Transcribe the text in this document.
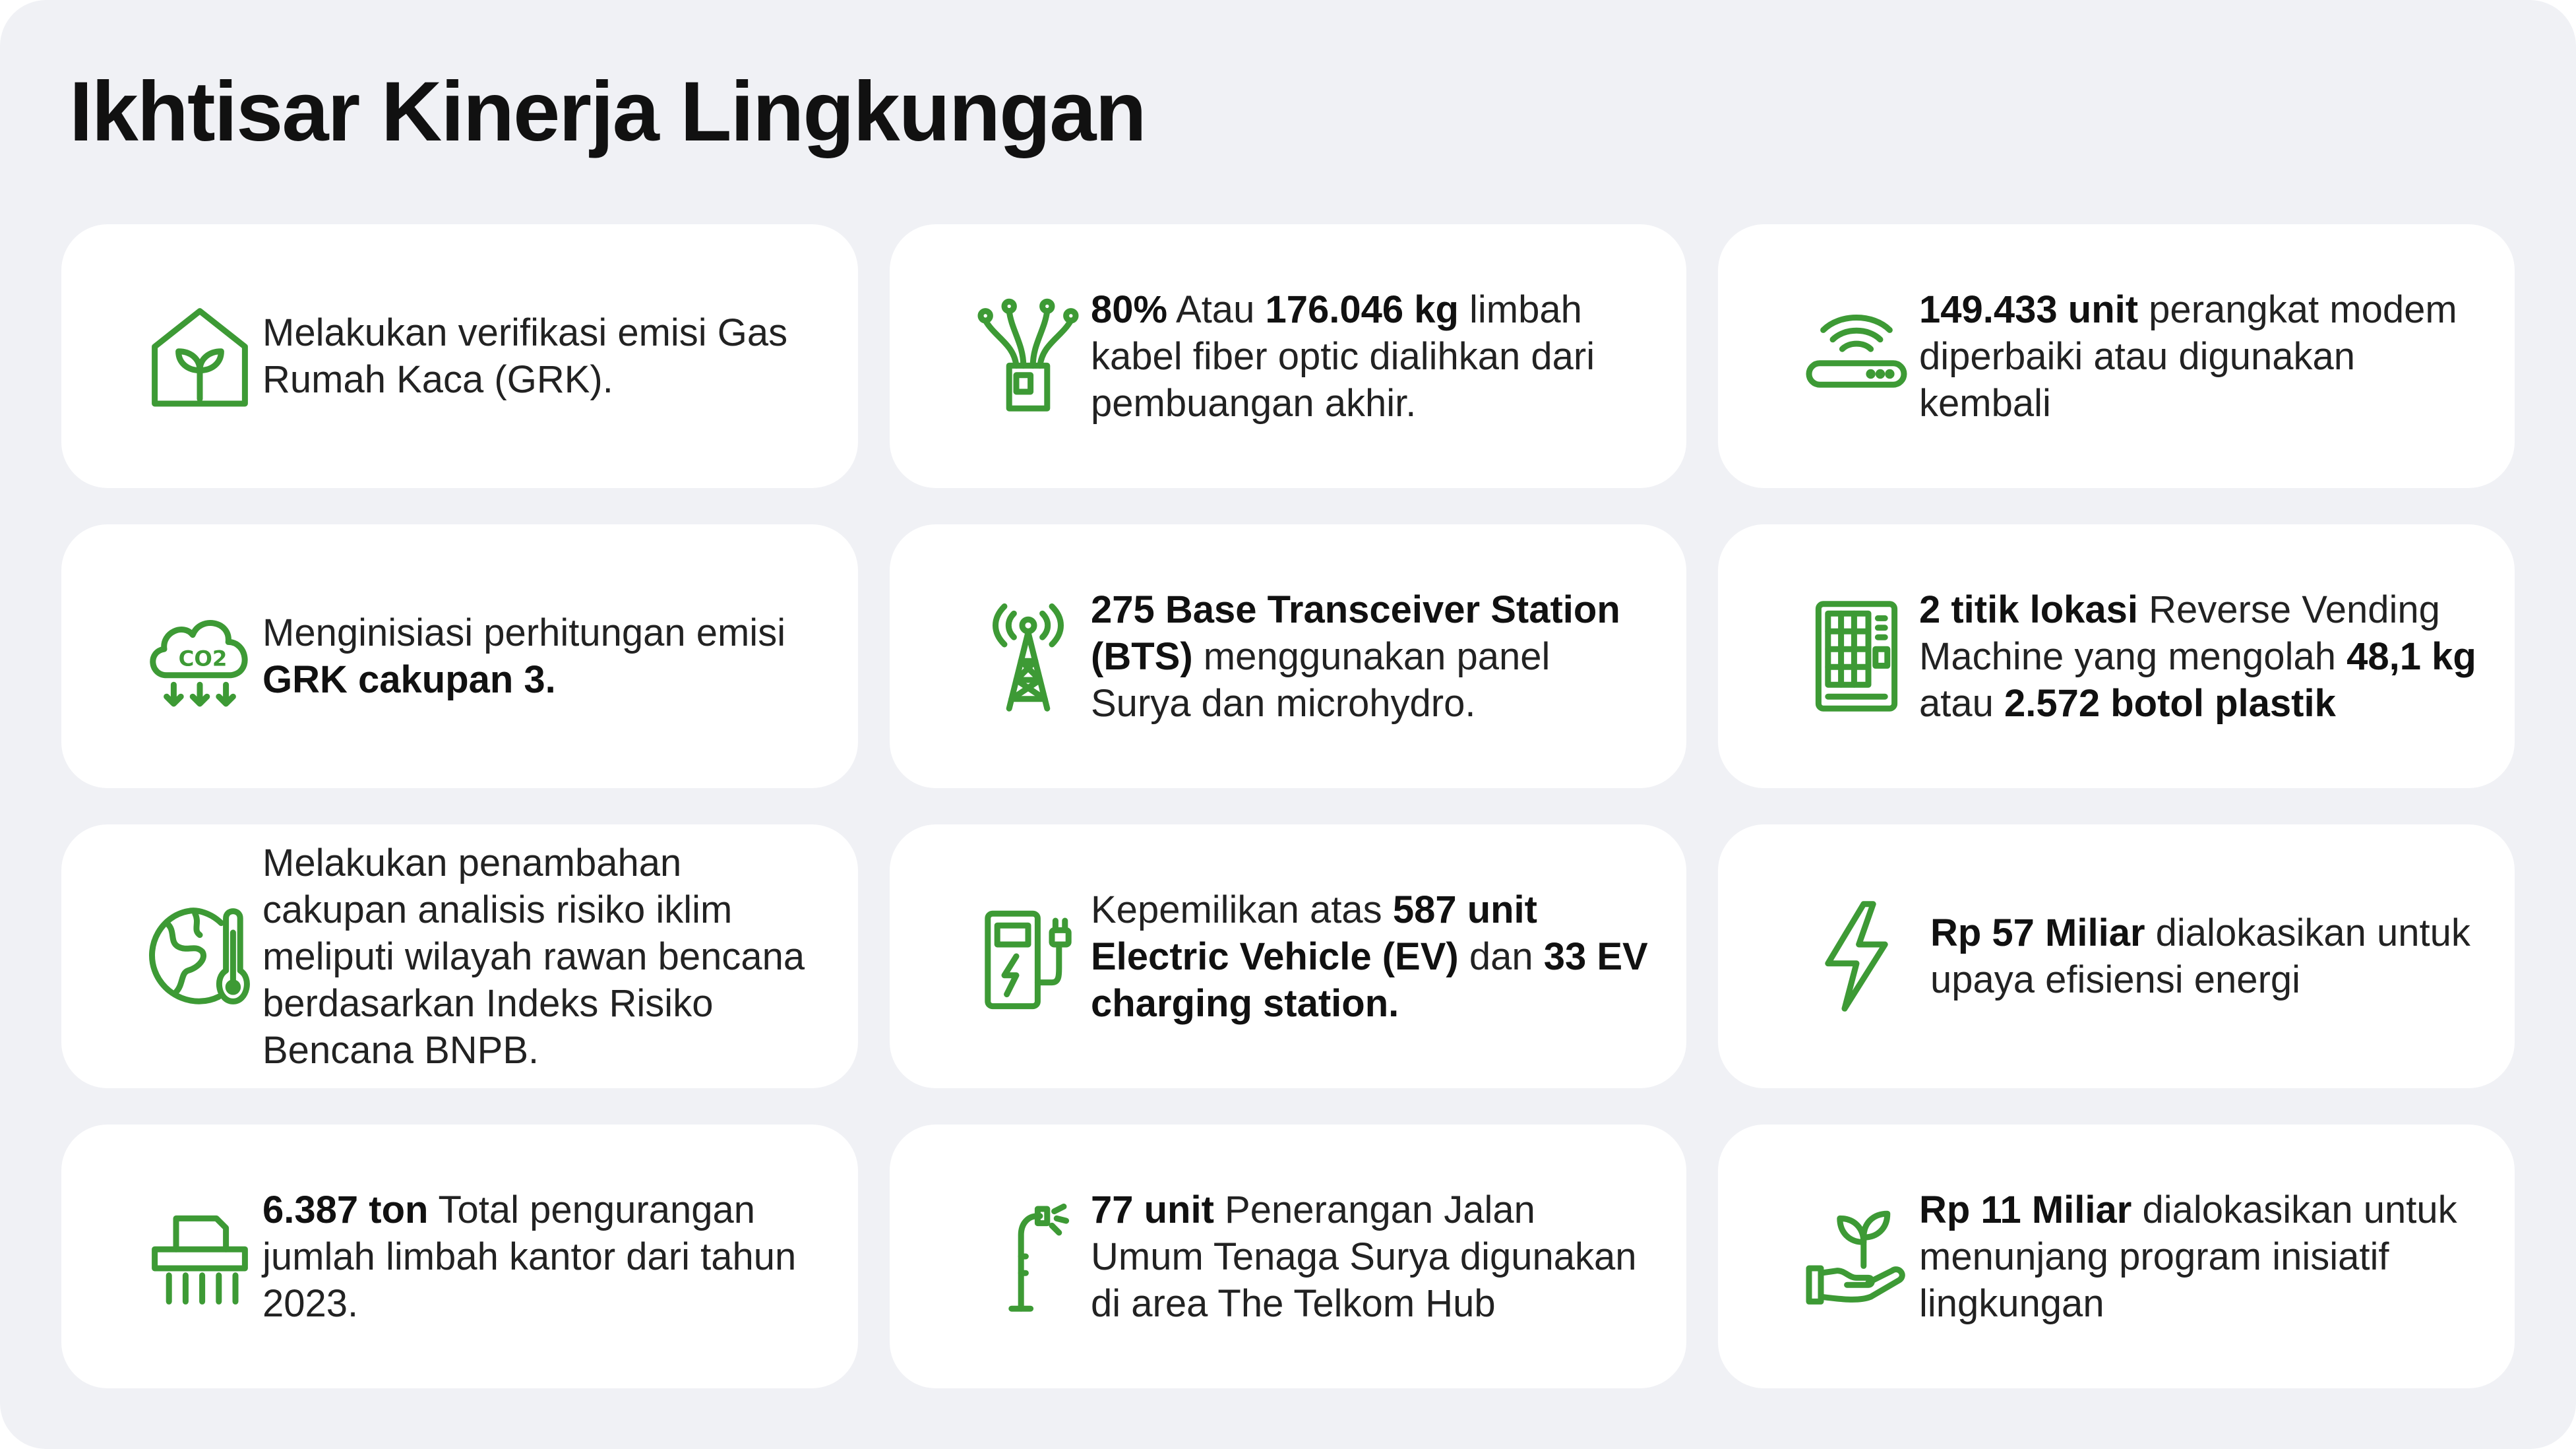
Ikhtisar Kinerja Lingkungan

Melakukan verifikasi emisi Gas Rumah Kaca (GRK).

80% Atau 176.046 kg limbah kabel fiber optic dialihkan dari pembuangan akhir.

149.433 unit perangkat modem diperbaiki atau digunakan kembali

CO2

Menginisiasi perhitungan emisi GRK cakupan 3.

275 Base Transceiver Station (BTS) menggunakan panel Surya dan microhydro.

2 titik lokasi Reverse Vending Machine yang mengolah 48,1 kg atau 2.572 botol plastik

Melakukan penambahan cakupan analisis risiko iklim meliputi wilayah rawan bencana berdasarkan Indeks Risiko Bencana BNPB.

Kepemilikan atas 587 unit Electric Vehicle (EV) dan 33 EV charging station.

Rp 57 Miliar dialokasikan untuk upaya efisiensi energi

6.387 ton Total pengurangan jumlah limbah kantor dari tahun 2023.

77 unit Penerangan Jalan Umum Tenaga Surya digunakan di area The Telkom Hub

Rp 11 Miliar dialokasikan untuk menunjang program inisiatif lingkungan
